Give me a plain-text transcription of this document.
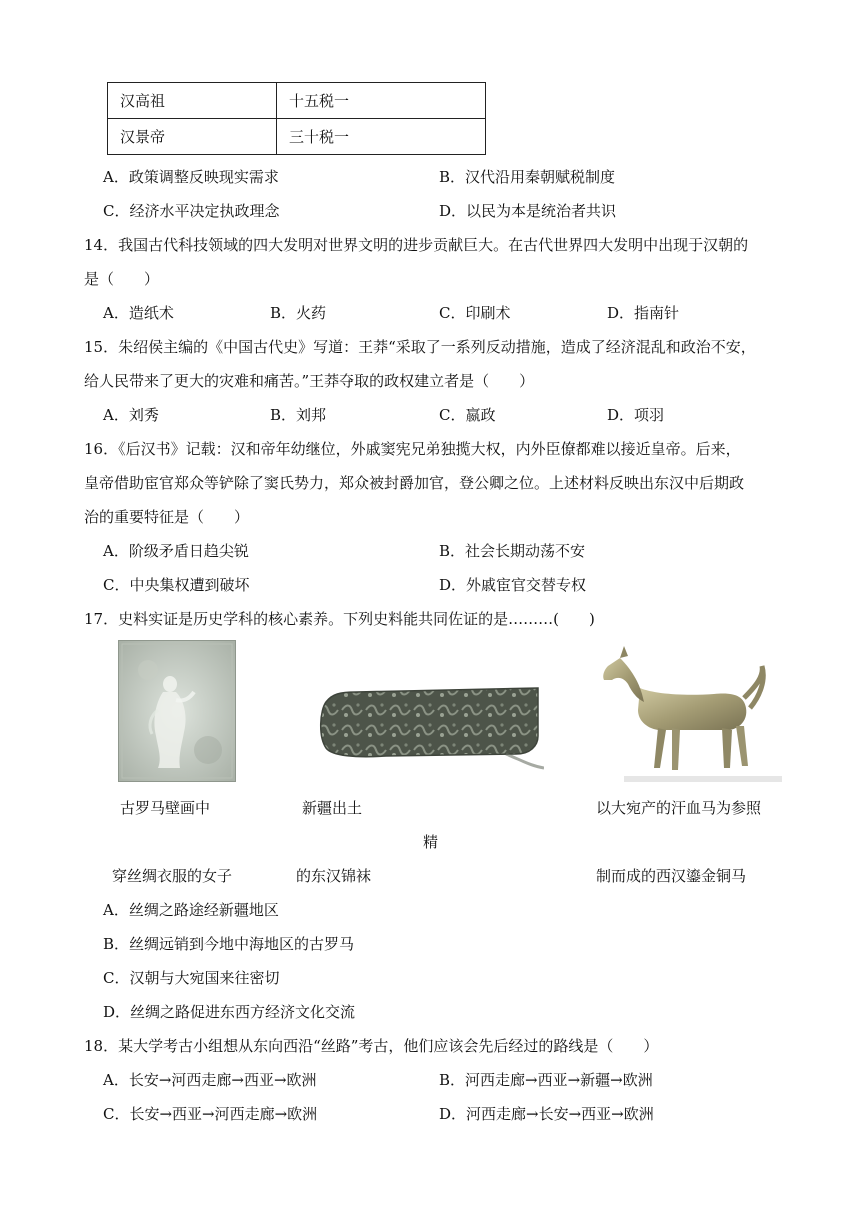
汉高祖	十五税一
汉景帝	三十税一
A．政策调整反映现实需求	B．汉代沿用秦朝赋税制度
C．经济水平决定执政理念	D．以民为本是统治者共识
14．我国古代科技领域的四大发明对世界文明的进步贡献巨大。在古代世界四大发明中出现于汉朝的
是（　　）
A．造纸术	B．火药	C．印刷术	D．指南针
15．朱绍侯主编的《中国古代史》写道：王莽“采取了一系列反动措施，造成了经济混乱和政治不安，
给人民带来了更大的灾难和痛苦。”王莽夺取的政权建立者是（　　）
A．刘秀	B．刘邦	C．嬴政	D．项羽
16．《后汉书》记载：汉和帝年幼继位，外戚窦宪兄弟独揽大权，内外臣僚都难以接近皇帝。后来，
皇帝借助宦官郑众等铲除了窦氏势力，郑众被封爵加官，登公卿之位。上述材料反映出东汉中后期政
治的重要特征是（　　）
A．阶级矛盾日趋尖锐	B．社会长期动荡不安
C．中央集权遭到破坏	D．外戚宦官交替专权
17．史料实证是历史学科的核心素养。下列史料能共同佐证的是………(　　)
古罗马壁画中	新疆出土	以大宛产的汗血马为参照
精
穿丝绸衣服的女子	的东汉锦袜	制而成的西汉鎏金铜马
A．丝绸之路途经新疆地区
B．丝绸远销到今地中海地区的古罗马
C．汉朝与大宛国来往密切
D．丝绸之路促进东西方经济文化交流
18．某大学考古小组想从东向西沿“丝路”考古，他们应该会先后经过的路线是（　　）
A．长安→河西走廊→西亚→欧洲	B．河西走廊→西亚→新疆→欧洲
C．长安→西亚→河西走廊→欧洲	D．河西走廊→长安→西亚→欧洲
